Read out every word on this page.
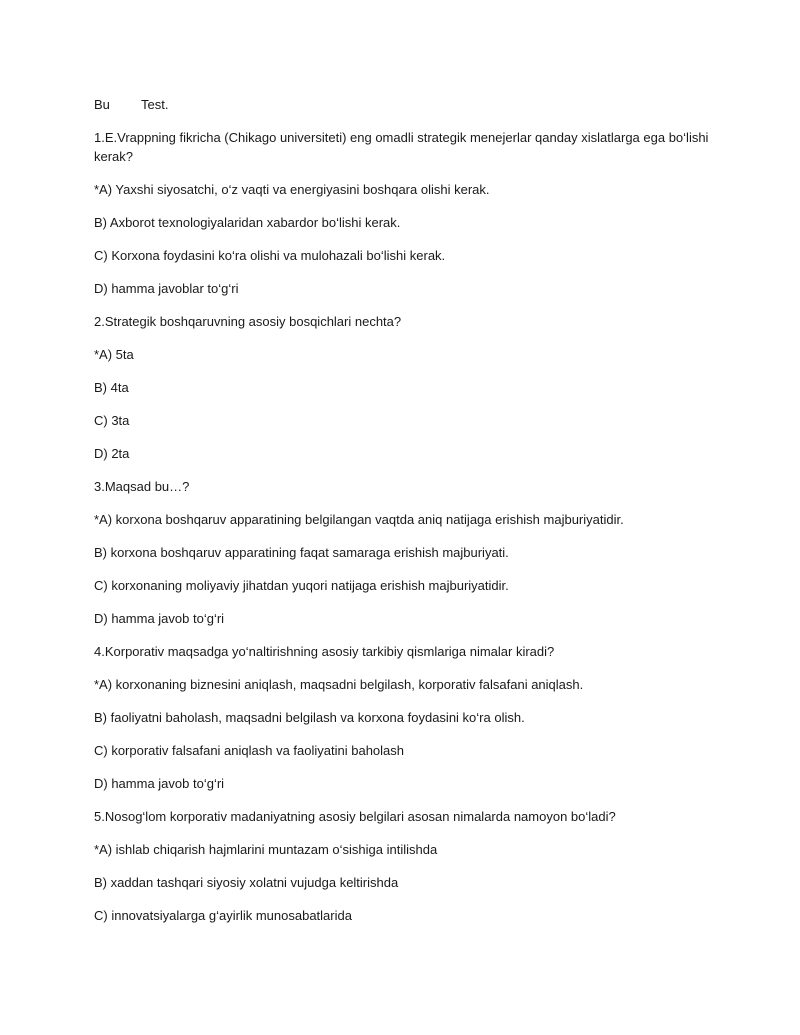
Bu Test.

1.E.Vrappning fikricha (Chikago universiteti) eng omadli strategik menejerlar qanday xislatlarga ega bo‘lishi kerak?

*A) Yaxshi siyosatchi, o‘z vaqti va energiyasini boshqara olishi kerak.

B) Axborot texnologiyalaridan xabardor bo‘lishi kerak.

C) Korxona foydasini ko‘ra olishi va mulohazali bo‘lishi kerak.

D) hamma javoblar to‘g‘ri

2.Strategik boshqaruvning asosiy bosqichlari nechta?

*A) 5ta

B) 4ta

C) 3ta

D) 2ta

3.Maqsad bu…?

*A) korxona boshqaruv apparatining belgilangan vaqtda aniq natijaga erishish majburiyatidir.

B) korxona boshqaruv apparatining faqat samaraga erishish majburiyati.

C) korxonaning moliyaviy jihatdan yuqori natijaga erishish majburiyatidir.

D) hamma javob to‘g‘ri

4.Korporativ maqsadga yo‘naltirishning asosiy tarkibiy qismlariga nimalar kiradi?

*A) korxonaning biznesini aniqlash, maqsadni belgilash, korporativ falsafani aniqlash.

B) faoliyatni baholash, maqsadni belgilash va korxona foydasini ko‘ra olish.

C) korporativ falsafani aniqlash va faoliyatini baholash

D) hamma javob to‘g‘ri

5.Nosog‘lom korporativ madaniyatning asosiy belgilari asosan nimalarda namoyon bo‘ladi?

*A) ishlab chiqarish hajmlarini muntazam o‘sishiga intilishda

B) xaddan tashqari siyosiy xolatni vujudga keltirishda

C) innovatsiyalarga g‘ayirlik munosabatlarida
